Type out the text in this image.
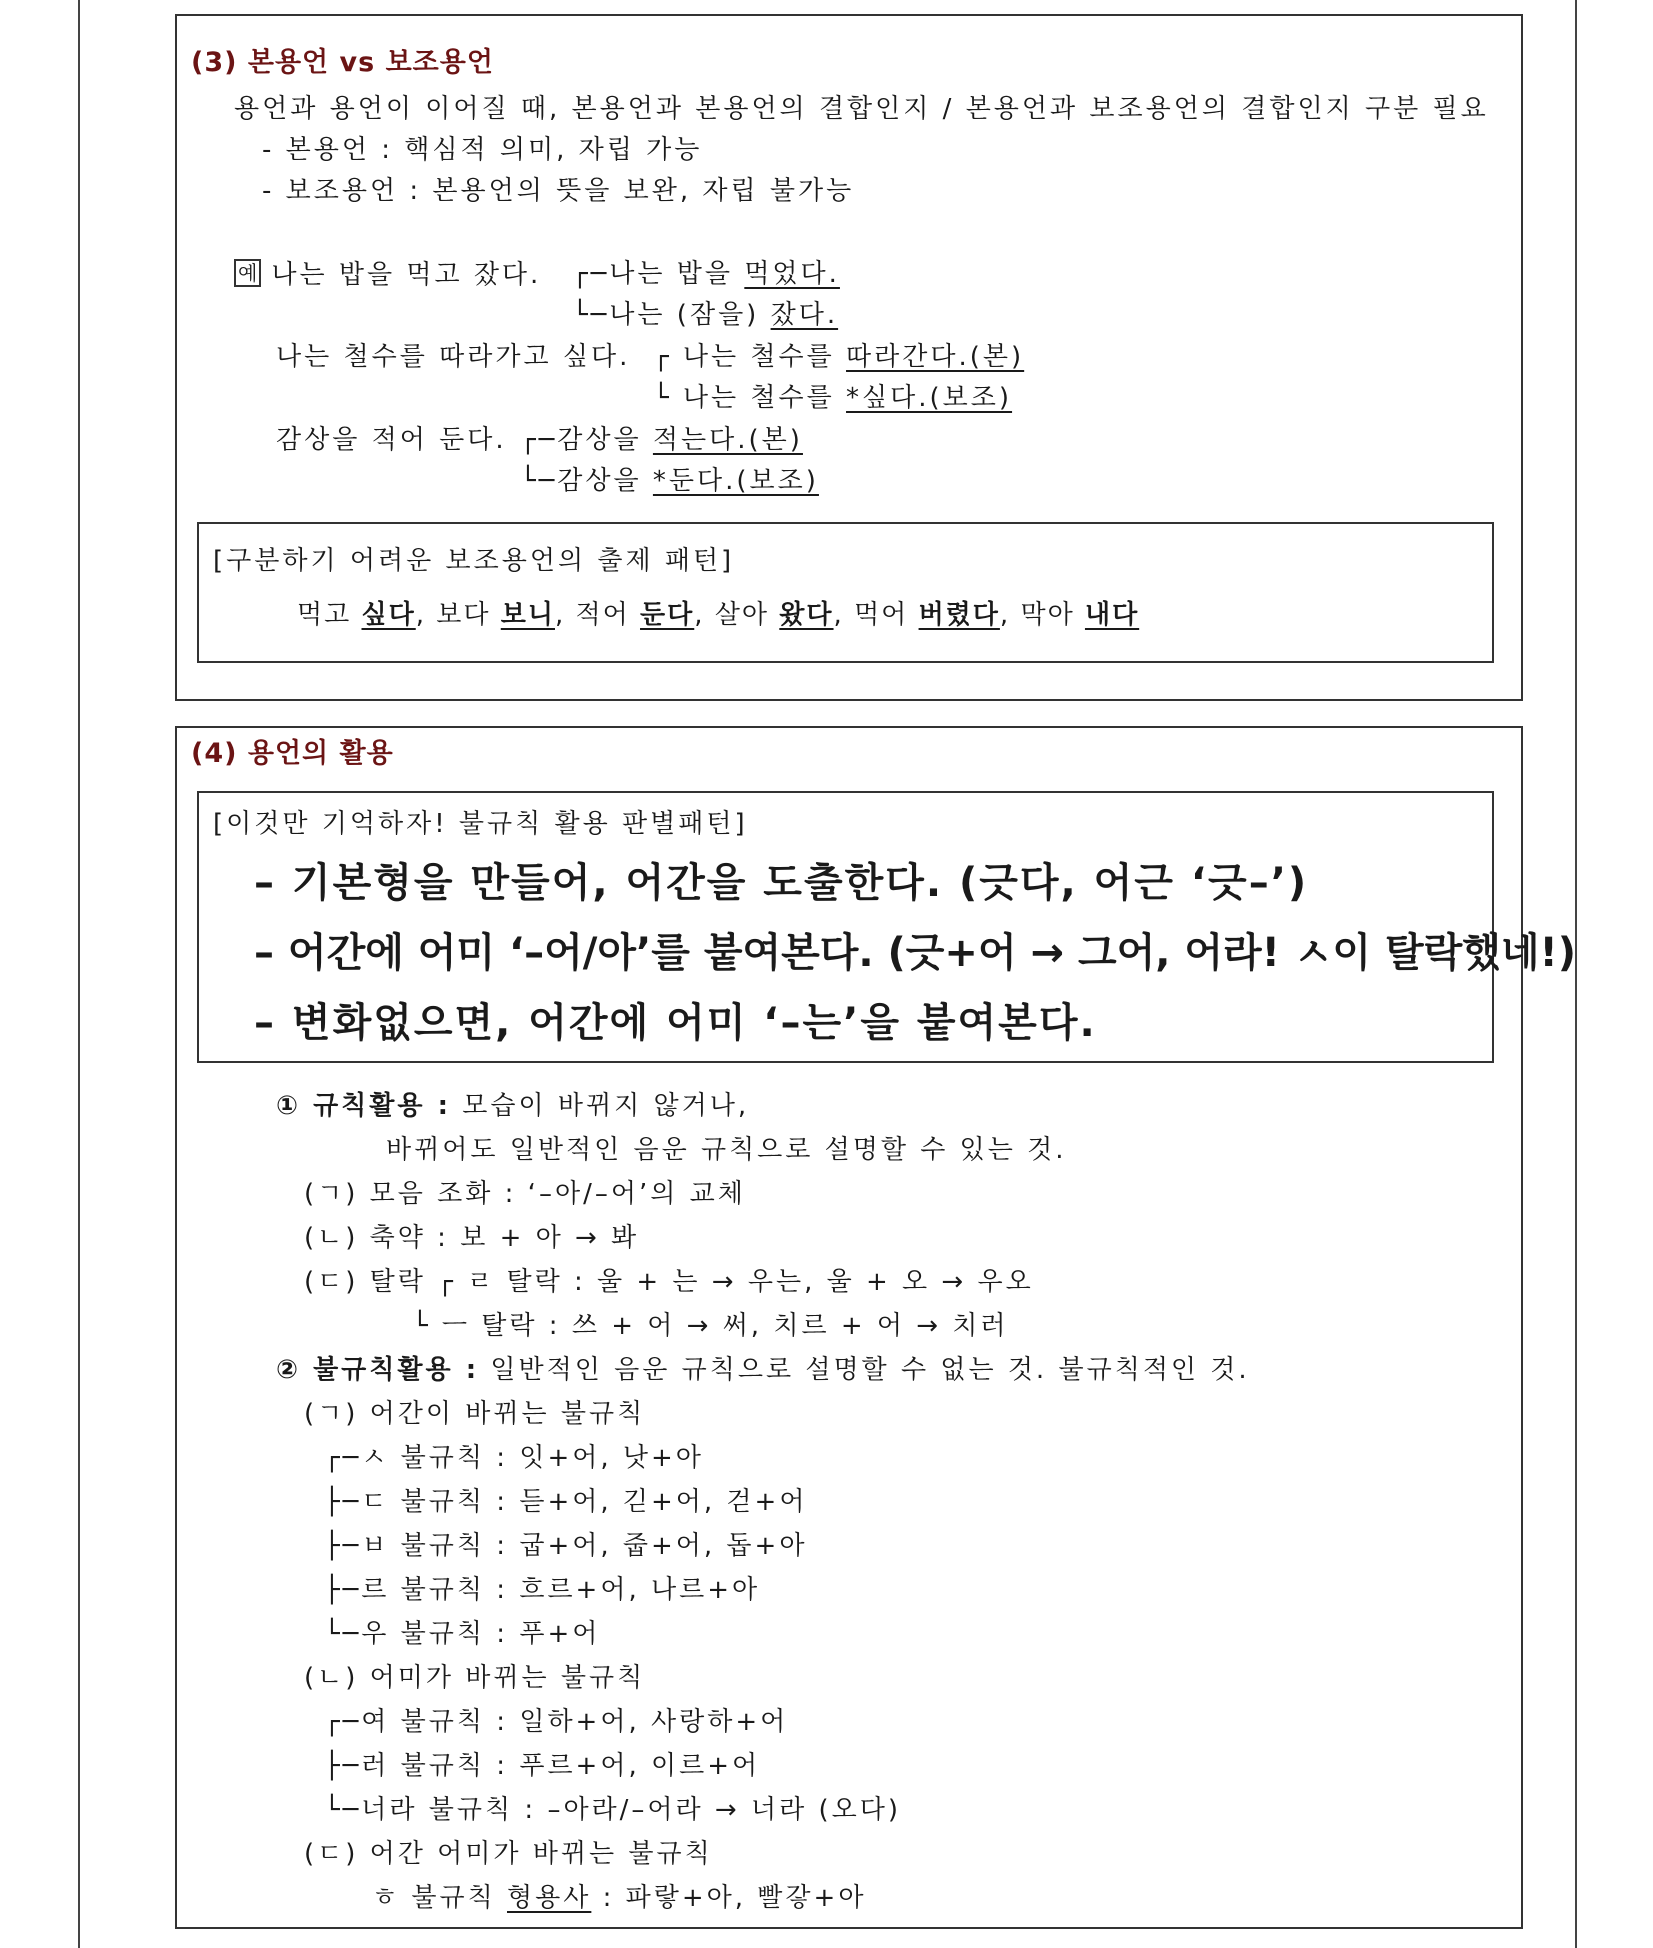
(3) 본용언 vs 보조용언
용언과 용언이 이어질 때, 본용언과 본용언의 결합인지 / 본용언과 보조용언의 결합인지 구분 필요
- 본용언 : 핵심적 의미, 자립 가능
- 보조용언 : 본용언의 뜻을 보완, 자립 불가능
예 나는 밥을 먹고 잤다. ┌─나는 밥을 먹었다.
└─나는 (잠을) 잤다.
나는 철수를 따라가고 싶다. ┌ 나는 철수를 따라간다.(본)
└ 나는 철수를 *싶다.(보조)
감상을 적어 둔다. ┌─감상을 적는다.(본)
└─감상을 *둔다.(보조)
[구분하기 어려운 보조용언의 출제 패턴]
먹고 싶다, 보다 보니, 적어 둔다, 살아 왔다, 먹어 버렸다, 막아 내다
(4) 용언의 활용
[이것만 기억하자! 불규칙 활용 판별패턴]
– 기본형을 만들어, 어간을 도출한다. (긋다, 어근 ‘긋–’)
– 어간에 어미 ‘–어/아’를 붙여본다. (긋+어 → 그어, 어라! ㅅ이 탈락했네!)
– 변화없으면, 어간에 어미 ‘–는’을 붙여본다.
① 규칙활용 : 모습이 바뀌지 않거나,
바뀌어도 일반적인 음운 규칙으로 설명할 수 있는 것.
(ㄱ) 모음 조화 : ‘–아/–어’의 교체
(ㄴ) 축약 : 보 + 아 → 봐
(ㄷ) 탈락 ┌ ㄹ 탈락 : 울 + 는 → 우는, 울 + 오 → 우오
└ ㅡ 탈락 : 쓰 + 어 → 써, 치르 + 어 → 치러
② 불규칙활용 : 일반적인 음운 규칙으로 설명할 수 없는 것. 불규칙적인 것.
(ㄱ) 어간이 바뀌는 불규칙
┌─ㅅ 불규칙 : 잇+어, 낫+아
├─ㄷ 불규칙 : 듣+어, 긷+어, 걷+어
├─ㅂ 불규칙 : 굽+어, 줍+어, 돕+아
├─르 불규칙 : 흐르+어, 나르+아
└─우 불규칙 : 푸+어
(ㄴ) 어미가 바뀌는 불규칙
┌─여 불규칙 : 일하+어, 사랑하+어
├─러 불규칙 : 푸르+어, 이르+어
└─너라 불규칙 : –아라/–어라 → 너라 (오다)
(ㄷ) 어간 어미가 바뀌는 불규칙
ㅎ 불규칙 형용사 : 파랗+아, 빨갛+아
